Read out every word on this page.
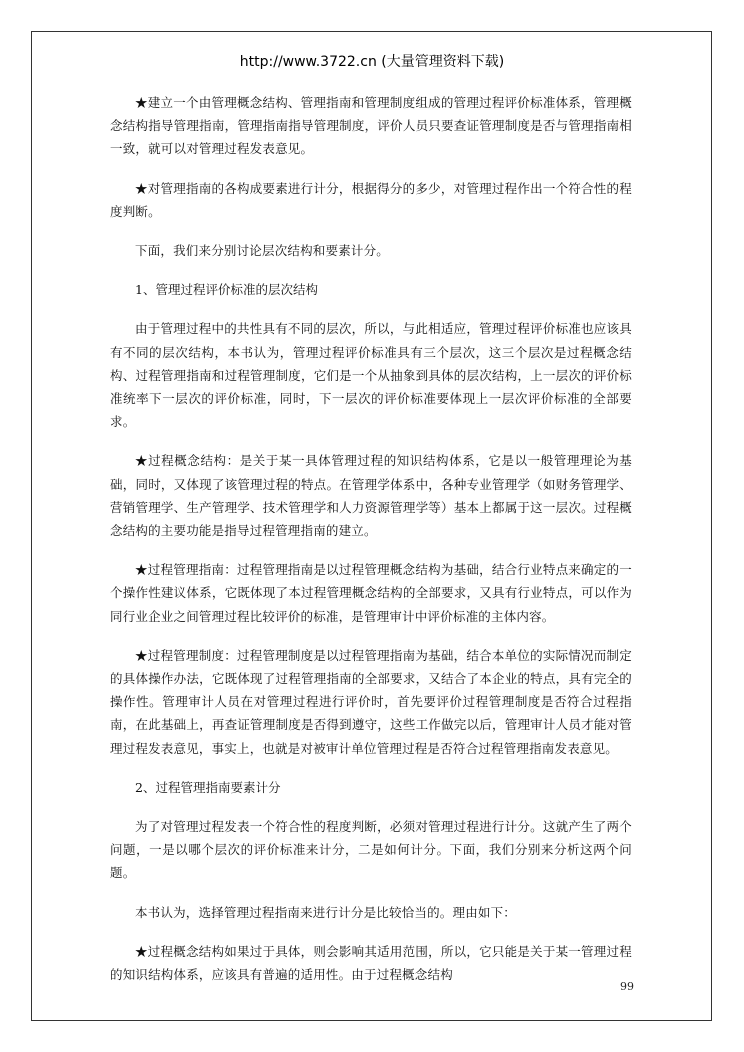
http://www.3722.cn (大量管理资料下载)

★建立一个由管理概念结构、管理指南和管理制度组成的管理过程评价标准体系，管理概念结构指导管理指南，管理指南指导管理制度，评价人员只要查证管理制度是否与管理指南相一致，就可以对管理过程发表意见。

★对管理指南的各构成要素进行计分，根据得分的多少，对管理过程作出一个符合性的程度判断。

下面，我们来分别讨论层次结构和要素计分。

1、管理过程评价标准的层次结构

由于管理过程中的共性具有不同的层次，所以，与此相适应，管理过程评价标准也应该具有不同的层次结构，本书认为，管理过程评价标准具有三个层次，这三个层次是过程概念结构、过程管理指南和过程管理制度，它们是一个从抽象到具体的层次结构，上一层次的评价标准统率下一层次的评价标准，同时，下一层次的评价标准要体现上一层次评价标准的全部要求。

★过程概念结构：是关于某一具体管理过程的知识结构体系，它是以一般管理理论为基础，同时，又体现了该管理过程的特点。在管理学体系中，各种专业管理学（如财务管理学、营销管理学、生产管理学、技术管理学和人力资源管理学等）基本上都属于这一层次。过程概念结构的主要功能是指导过程管理指南的建立。

★过程管理指南：过程管理指南是以过程管理概念结构为基础，结合行业特点来确定的一个操作性建议体系，它既体现了本过程管理概念结构的全部要求，又具有行业特点，可以作为同行业企业之间管理过程比较评价的标准，是管理审计中评价标准的主体内容。

★过程管理制度：过程管理制度是以过程管理指南为基础，结合本单位的实际情况而制定的具体操作办法，它既体现了过程管理指南的全部要求，又结合了本企业的特点，具有完全的操作性。管理审计人员在对管理过程进行评价时，首先要评价过程管理制度是否符合过程指南，在此基础上，再查证管理制度是否得到遵守，这些工作做完以后，管理审计人员才能对管理过程发表意见，事实上，也就是对被审计单位管理过程是否符合过程管理指南发表意见。

2、过程管理指南要素计分

为了对管理过程发表一个符合性的程度判断，必须对管理过程进行计分。这就产生了两个问题，一是以哪个层次的评价标准来计分，二是如何计分。下面，我们分别来分析这两个问题。

本书认为，选择管理过程指南来进行计分是比较恰当的。理由如下：

★过程概念结构如果过于具体，则会影响其适用范围，所以，它只能是关于某一管理过程的知识结构体系，应该具有普遍的适用性。由于过程概念结构

99
